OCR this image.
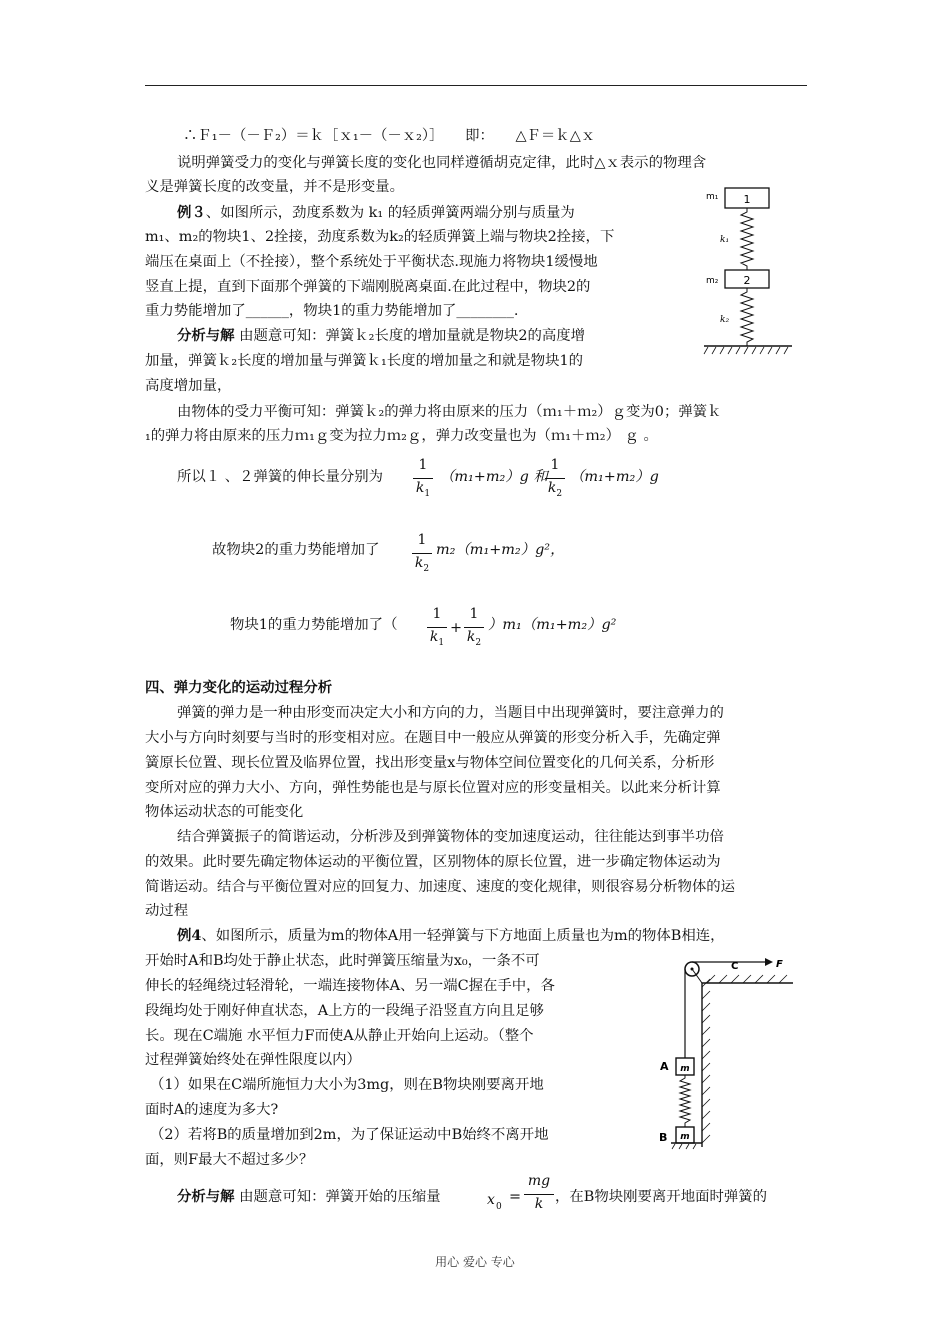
∴Ｆ₁－（－Ｆ₂）＝ｋ［ｘ₁－（－ｘ₂）］　　即：　　△Ｆ＝ｋ△ｘ
说明弹簧受力的变化与弹簧长度的变化也同样遵循胡克定律，此时△ｘ表示的物理含
义是弹簧长度的改变量，并不是形变量。
例３、如图所示，劲度系数为 k₁ 的轻质弹簧两端分别与质量为
m₁、m₂的物块1、2拴接，劲度系数为k₂的轻质弹簧上端与物块2拴接，下
端压在桌面上（不拴接），整个系统处于平衡状态.现施力将物块1缓慢地
竖直上提，直到下面那个弹簧的下端刚脱离桌面.在此过程中，物块2的
重力势能增加了______，物块1的重力势能增加了________.
分析与解 由题意可知：弹簧ｋ₂长度的增加量就是物块2的高度增
加量，弹簧ｋ₂长度的增加量与弹簧ｋ₁长度的增加量之和就是物块1的
高度增加量，
由物体的受力平衡可知：弹簧ｋ₂的弹力将由原来的压力（ｍ₁＋ｍ₂）ｇ变为0；弹簧ｋ
₁的弹力将由原来的压力ｍ₁ｇ变为拉力ｍ₂ｇ，弹力改变量也为（ｍ₁＋ｍ₂） ｇ 。
m₁ 1
k₁
m₂ 2
k₂
所以１ 、２弹簧的伸长量分别为
1
$k_1$
（m₁+m₂）g 和
1
$k_2$
（m₁+m₂）g
故物块2的重力势能增加了
1
$k_2$
m₂（m₁+m₂）g²，
物块1的重力势能增加了（
1
$k_1$
+
1
$k_2$
）m₁（m₁+m₂）g²
四、弹力变化的运动过程分析
弹簧的弹力是一种由形变而决定大小和方向的力，当题目中出现弹簧时，要注意弹力的
大小与方向时刻要与当时的形变相对应。在题目中一般应从弹簧的形变分析入手，先确定弹
簧原长位置、现长位置及临界位置，找出形变量x与物体空间位置变化的几何关系，分析形
变所对应的弹力大小、方向，弹性势能也是与原长位置对应的形变量相关。以此来分析计算
物体运动状态的可能变化
结合弹簧振子的简谐运动，分析涉及到弹簧物体的变加速度运动，往往能达到事半功倍
的效果。此时要先确定物体运动的平衡位置，区别物体的原长位置，进一步确定物体运动为
简谐运动。结合与平衡位置对应的回复力、加速度、速度的变化规律，则很容易分析物体的运
动过程
例4、如图所示，质量为m的物体A用一轻弹簧与下方地面上质量也为m的物体B相连，
开始时A和B均处于静止状态，此时弹簧压缩量为x₀，一条不可
伸长的轻绳绕过轻滑轮，一端连接物体A、另一端C握在手中，各
段绳均处于刚好伸直状态，A上方的一段绳子沿竖直方向且足够
长。现在C端施 水平恒力F而使A从静止开始向上运动。（整个
过程弹簧始终处在弹性限度以内）
（1）如果在C端所施恒力大小为3mg，则在B物块刚要离开地
面时A的速度为多大?
（2）若将B的质量增加到2m，为了保证运动中B始终不离开地
面，则F最大不超过多少？
C	F
m
A
m
B
分析与解 由题意可知：弹簧开始的压缩量	x 0
=
mg
k ，在B物块刚要离开地面时弹簧的
用心 爱心 专心
